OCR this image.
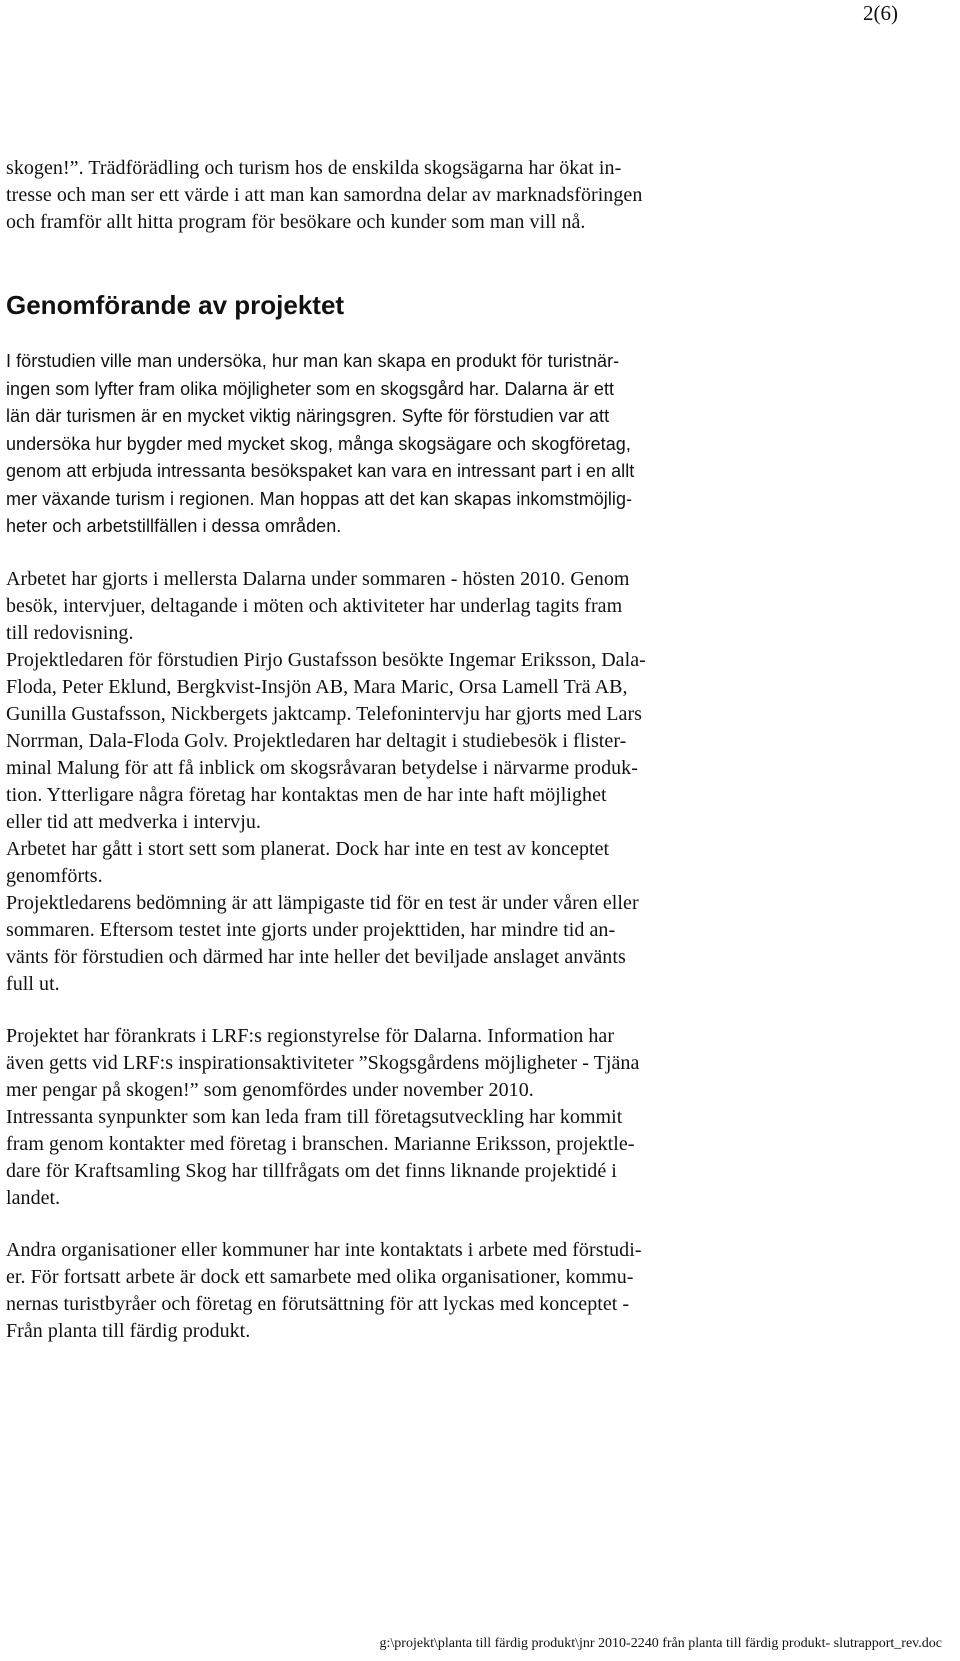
2(6)

skogen!”. Trädförädling och turism hos de enskilda skogsägarna har ökat in-
tresse och man ser ett värde i att man kan samordna delar av marknadsföringen
och framför allt hitta program för besökare och kunder som man vill nå.

Genomförande av projektet

I förstudien ville man undersöka, hur man kan skapa en produkt för turistnär-
ingen som lyfter fram olika möjligheter som en skogsgård har. Dalarna är ett
län där turismen är en mycket viktig näringsgren. Syfte för förstudien var att
undersöka hur bygder med mycket skog, många skogsägare och skogföretag,
genom att erbjuda intressanta besökspaket kan vara en intressant part i en allt
mer växande turism i regionen. Man hoppas att det kan skapas inkomstmöjlig-
heter och arbetstillfällen i dessa områden.

Arbetet har gjorts i mellersta Dalarna under sommaren - hösten 2010. Genom
besök, intervjuer, deltagande i möten och aktiviteter har underlag tagits fram
till redovisning.
Projektledaren för förstudien Pirjo Gustafsson besökte Ingemar Eriksson, Dala-
Floda, Peter Eklund, Bergkvist-Insjön AB, Mara Maric, Orsa Lamell Trä AB,
Gunilla Gustafsson, Nickbergets jaktcamp. Telefonintervju har gjorts med Lars
Norrman, Dala-Floda Golv. Projektledaren har deltagit i studiebesök i flister-
minal Malung för att få inblick om skogsråvaran betydelse i närvarme produk-
tion. Ytterligare några företag har kontaktas men de har inte haft möjlighet
eller tid att medverka i intervju.
Arbetet har gått i stort sett som planerat. Dock har inte en test av konceptet
genomförts.
Projektledarens bedömning är att lämpigaste tid för en test är under våren eller
sommaren. Eftersom testet inte gjorts under projekttiden, har mindre tid an-
vänts för förstudien och därmed har inte heller det beviljade anslaget använts
full ut.

Projektet har förankrats i LRF:s regionstyrelse för Dalarna. Information har
även getts vid LRF:s inspirationsaktiviteter ”Skogsgårdens möjligheter - Tjäna
mer pengar på skogen!” som genomfördes under november 2010.
Intressanta synpunkter som kan leda fram till företagsutveckling har kommit
fram genom kontakter med företag i branschen. Marianne Eriksson, projektle-
dare för Kraftsamling Skog har tillfrågats om det finns liknande projektidé i
landet.

Andra organisationer eller kommuner har inte kontaktats i arbete med förstudi-
er. För fortsatt arbete är dock ett samarbete med olika organisationer, kommu-
nernas turistbyråer och företag en förutsättning för att lyckas med konceptet -
Från planta till färdig produkt.

g:\projekt\planta till färdig produkt\jnr 2010-2240 från planta till färdig produkt- slutrapport_rev.doc
